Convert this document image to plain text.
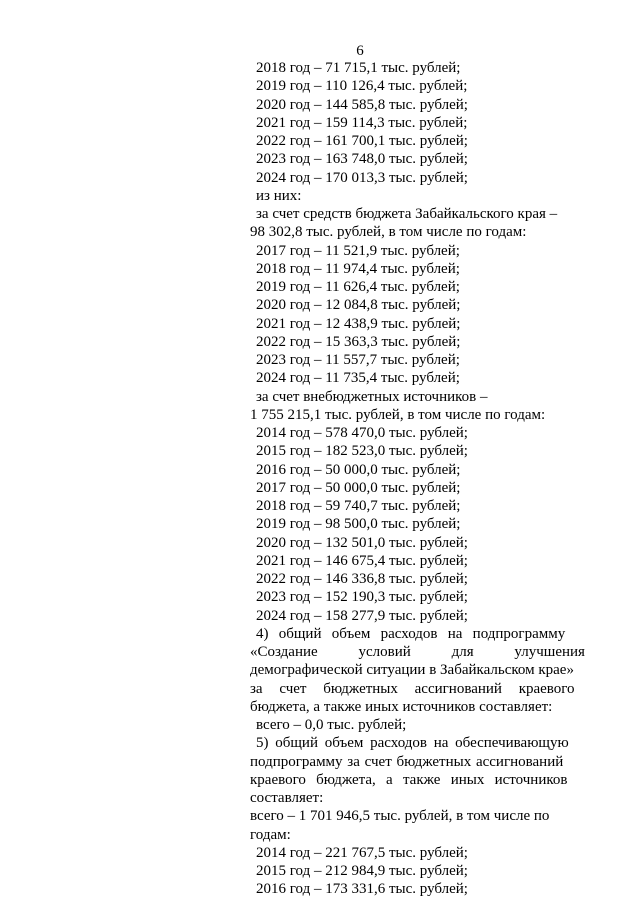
6
2018 год – 71 715,1 тыс. рублей;
2019 год – 110 126,4 тыс. рублей;
2020 год – 144 585,8 тыс. рублей;
2021 год – 159 114,3 тыс. рублей;
2022 год – 161 700,1 тыс. рублей;
2023 год – 163 748,0 тыс. рублей;
2024 год – 170 013,3 тыс. рублей;
из них:
за счет средств бюджета Забайкальского края –
98 302,8 тыс. рублей, в том числе по годам:
2017 год – 11 521,9 тыс. рублей;
2018 год – 11 974,4 тыс. рублей;
2019 год – 11 626,4 тыс. рублей;
2020 год – 12 084,8 тыс. рублей;
2021 год – 12 438,9 тыс. рублей;
2022 год – 15 363,3 тыс. рублей;
2023 год – 11 557,7 тыс. рублей;
2024 год – 11 735,4 тыс. рублей;
за счет внебюджетных источников –
1 755 215,1 тыс. рублей, в том числе по годам:
2014 год – 578 470,0 тыс. рублей;
2015 год – 182 523,0 тыс. рублей;
2016 год – 50 000,0 тыс. рублей;
2017 год – 50 000,0 тыс. рублей;
2018 год – 59 740,7 тыс. рублей;
2019 год – 98 500,0 тыс. рублей;
2020 год – 132 501,0 тыс. рублей;
2021 год – 146 675,4 тыс. рублей;
2022 год – 146 336,8 тыс. рублей;
2023 год – 152 190,3 тыс. рублей;
2024 год – 158 277,9 тыс. рублей;
4) общий объем расходов на подпрограмму
«Создание	условий	для	улучшения
демографической ситуации в Забайкальском крае»
за счет бюджетных ассигнований краевого
бюджета, а также иных источников составляет:
всего – 0,0 тыс. рублей;
5) общий объем расходов на обеспечивающую
подпрограмму за счет бюджетных ассигнований
краевого бюджета, а также иных источников
составляет:
всего – 1 701 946,5 тыс. рублей, в том числе по
годам:
2014 год – 221 767,5 тыс. рублей;
2015 год – 212 984,9 тыс. рублей;
2016 год – 173 331,6 тыс. рублей;
